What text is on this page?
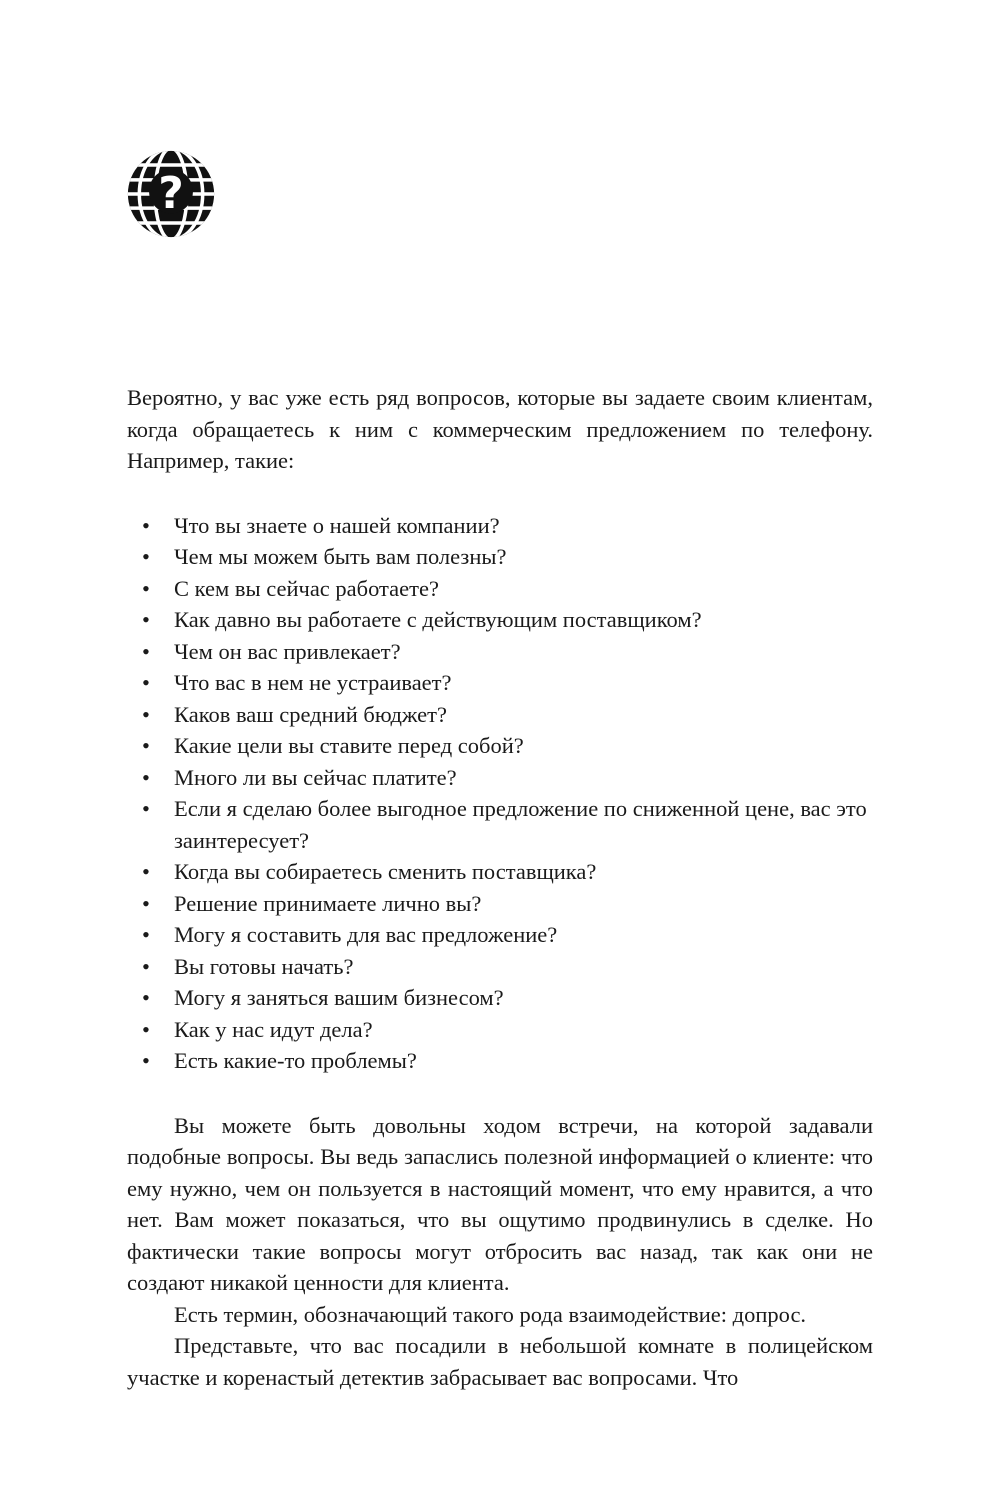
?

Вероятно, у вас уже есть ряд вопросов, которые вы задаете своим клиентам, когда обращаетесь к ним с коммерческим предложением по телефону. Например, такие:

• Что вы знаете о нашей компании?
• Чем мы можем быть вам полезны?
• С кем вы сейчас работаете?
• Как давно вы работаете с действующим поставщиком?
• Чем он вас привлекает?
• Что вас в нем не устраивает?
• Каков ваш средний бюджет?
• Какие цели вы ставите перед собой?
• Много ли вы сейчас платите?
• Если я сделаю более выгодное предложение по сниженной цене, вас это заинтересует?
• Когда вы собираетесь сменить поставщика?
• Решение принимаете лично вы?
• Могу я составить для вас предложение?
• Вы готовы начать?
• Могу я заняться вашим бизнесом?
• Как у нас идут дела?
• Есть какие-то проблемы?

Вы можете быть довольны ходом встречи, на которой задавали подобные вопросы. Вы ведь запаслись полезной информацией о клиенте: что ему нужно, чем он пользуется в настоящий момент, что ему нравится, а что нет. Вам может показаться, что вы ощутимо продвинулись в сделке. Но фактически такие вопросы могут отбросить вас назад, так как они не создают никакой ценности для клиента.

Есть термин, обозначающий такого рода взаимодействие: допрос.

Представьте, что вас посадили в небольшой комнате в полицейском участке и коренастый детектив забрасывает вас вопросами. Что
